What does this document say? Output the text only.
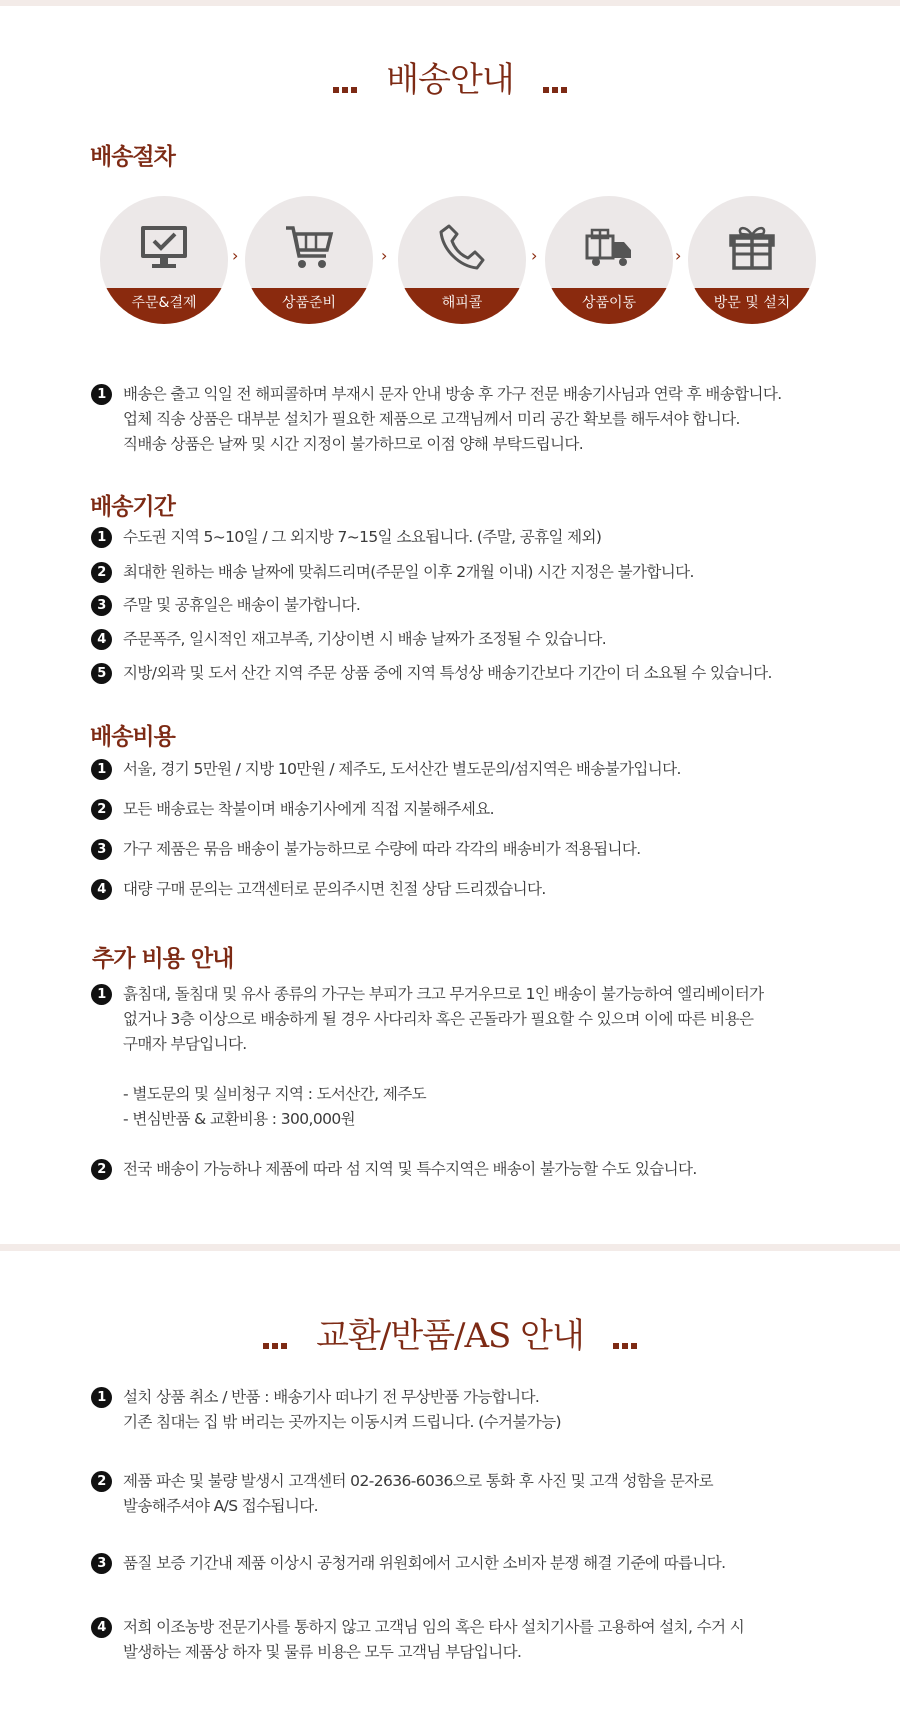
배송안내
배송절차
주문&결제
›
상품준비
›
해피콜
›
상품이동
›
방문 및 설치
1	배송은 출고 익일 전 해피콜하며 부재시 문자 안내 방송 후 가구 전문 배송기사님과 연락 후 배송합니다.
업체 직송 상품은 대부분 설치가 필요한 제품으로 고객님께서 미리 공간 확보를 해두셔야 합니다.
직배송 상품은 날짜 및 시간 지정이 불가하므로 이점 양해 부탁드립니다.
배송기간
1	수도권 지역 5~10일 / 그 외지방 7~15일 소요됩니다. (주말, 공휴일 제외)
2	최대한 원하는 배송 날짜에 맞춰드리며(주문일 이후 2개월 이내) 시간 지정은 불가합니다.
3	주말 및 공휴일은 배송이 불가합니다.
4	주문폭주, 일시적인 재고부족, 기상이변 시 배송 날짜가 조정될 수 있습니다.
5	지방/외곽 및 도서 산간 지역 주문 상품 중에 지역 특성상 배송기간보다 기간이 더 소요될 수 있습니다.
배송비용
1	서울, 경기 5만원 / 지방 10만원 / 제주도, 도서산간 별도문의/섬지역은 배송불가입니다.
2	모든 배송료는 착불이며 배송기사에게 직접 지불해주세요.
3	가구 제품은 묶음 배송이 불가능하므로 수량에 따라 각각의 배송비가 적용됩니다.
4	대량 구매 문의는 고객센터로 문의주시면 친절 상담 드리겠습니다.
추가 비용 안내
1	흙침대, 돌침대 및 유사 종류의 가구는 부피가 크고 무거우므로 1인 배송이 불가능하여 엘리베이터가
없거나 3층 이상으로 배송하게 될 경우 사다리차 혹은 곤돌라가 필요할 수 있으며 이에 따른 비용은
구매자 부담입니다.

- 별도문의 및 실비청구 지역 : 도서산간, 제주도
- 변심반품 & 교환비용 : 300,000원
2	전국 배송이 가능하나 제품에 따라 섬 지역 및 특수지역은 배송이 불가능할 수도 있습니다.
교환/반품/AS 안내
1	설치 상품 취소 / 반품 : 배송기사 떠나기 전 무상반품 가능합니다.
기존 침대는 집 밖 버리는 곳까지는 이동시켜 드립니다. (수거불가능)
2	제품 파손 및 불량 발생시 고객센터 02-2636-6036으로 통화 후 사진 및 고객 성함을 문자로
발송해주셔야 A/S 접수됩니다.
3	품질 보증 기간내 제품 이상시 공청거래 위원회에서 고시한 소비자 분쟁 해결 기준에 따릅니다.
4	저희 이조농방 전문기사를 통하지 않고 고객님 임의 혹은 타사 설치기사를 고용하여 설치, 수거 시
발생하는 제품상 하자 및 물류 비용은 모두 고객님 부담입니다.
